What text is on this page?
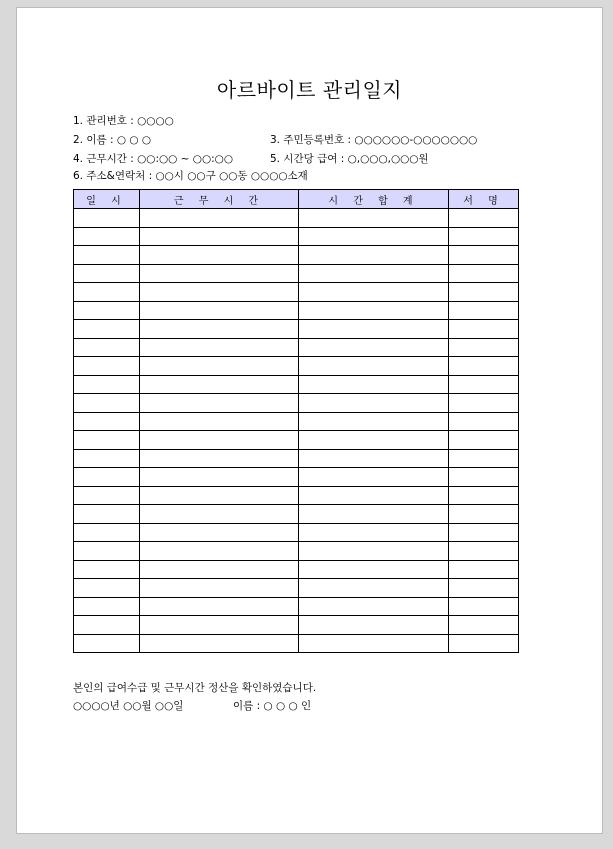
아르바이트 관리일지
1. 관리번호 : ○○○○
2. 이름 : ○ ○ ○	3. 주민등록번호 : ○○○○○○-○○○○○○○
4. 근무시간 : ○○:○○ ~ ○○:○○	5. 시간당 급여 : ○,○○○,○○○원
6. 주소&연락처 : ○○시 ○○구 ○○동 ○○○○소재
일 시	근 무 시 간	시 간 합 계	서 명

본인의 급여수급 및 근무시간 정산을 확인하였습니다.
○○○○년 ○○월 ○○일	이름 : ○ ○ ○ 인
